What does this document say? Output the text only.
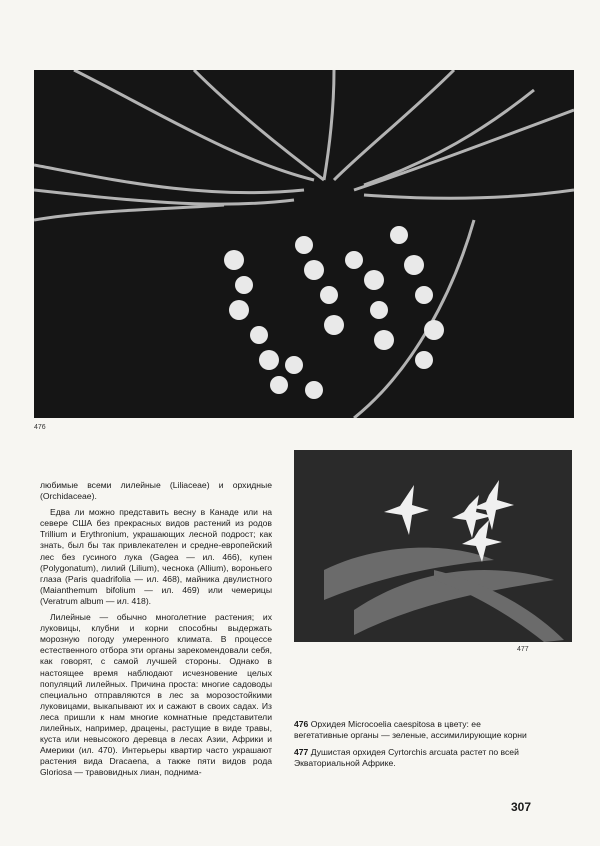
476
477

любимые всеми лилейные (Liliaceae) и орхидные (Orchidaceae).

Едва ли можно представить весну в Канаде или на севере США без прекрасных видов растений из родов Trillium и Erythronium, украшающих лесной подрост; как знать, был бы так привлекателен и средне-европейский лес без гусиного лука (Gagea — ил. 466), купен (Polygonatum), лилий (Lilium), чеснока (Allium), вороньего глаза (Paris quadrifolia — ил. 468), майника двулистного (Maianthemum bifolium — ил. 469) или чемерицы (Veratrum album — ил. 418).

Лилейные — обычно многолетние растения; их луковицы, клубни и корни способны выдержать морозную погоду умеренного климата. В процессе естественного отбора эти органы зарекомендовали себя, как говорят, с самой лучшей стороны. Однако в настоящее время наблюдают исчезновение целых популяций лилейных. Причина проста: многие садоводы специально отправляются в лес за морозостойкими луковицами, выкапывают их и сажают в своих садах. Из леса пришли к нам многие комнатные представители лилейных, например, драцены, растущие в виде травы, куста или невысокого деревца в лесах Азии, Африки и Америки (ил. 470). Интерьеры квартир часто украшают растения вида Dracaena, а также пяти видов рода Gloriosa — травовидных лиан, поднима-

476 Орхидея Microcoelia caespitosa в цвету: ее вегетативные органы — зеленые, ассимилирующие корни

477 Душистая орхидея Cyrtorchis arcuata растет по всей Экваториальной Африке.

307
